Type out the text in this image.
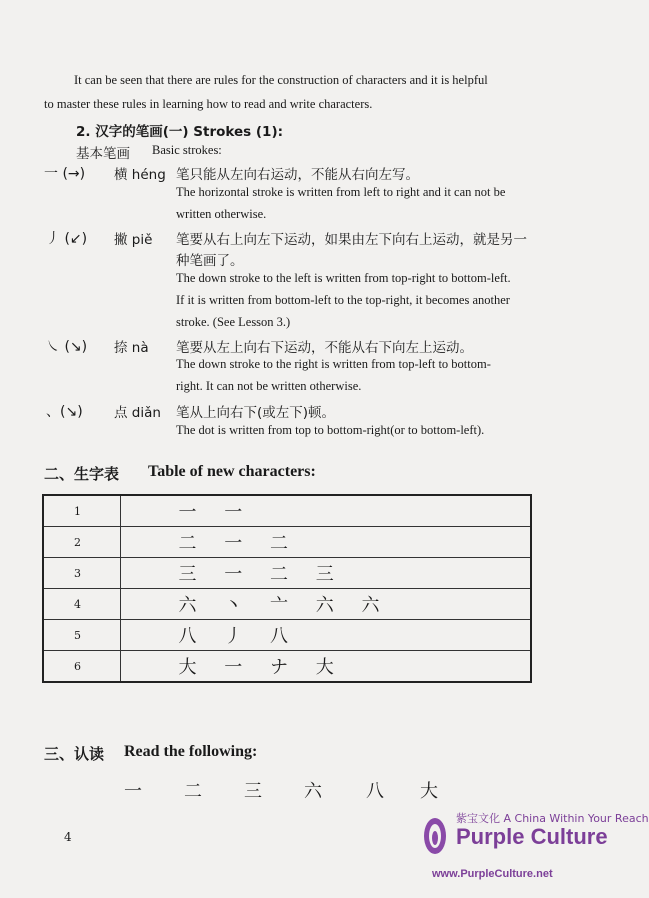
It can be seen that there are rules for the construction of characters and it is helpful
to master these rules in learning how to read and write characters.
2. 汉字的笔画(一) Strokes (1):
基本笔画 Basic strokes:
一 (→) 横 héng 笔只能从左向右运动，不能从右向左写。
The horizontal stroke is written from left to right and it can not be
written otherwise.
丿 (↙) 撇 piě 笔要从右上向左下运动，如果由左下向右上运动，就是另一
种笔画了。
The down stroke to the left is written from top-right to bottom-left.
If it is written from bottom-left to the top-right, it becomes another
stroke. (See Lesson 3.)
㇏ (↘) 捺 nà 笔要从左上向右下运动，不能从右下向左上运动。
The down stroke to the right is written from top-left to bottom-
right. It can not be written otherwise.
、(↘) 点 diǎn 笔从上向右下(或左下)顿。
The dot is written from top to bottom-right(or to bottom-left).
二、生字表 Table of new characters:
1	一 一
2	二 一 二
3	三 一 二 三
4	六 丶 亠 六 六
5	八 丿 八
6	大 一 ナ 大
三、认读 Read the following:
一 二 三 六 八 大
4
紫宝文化 A China Within Your Reach
Purple Culture
www.PurpleCulture.net
